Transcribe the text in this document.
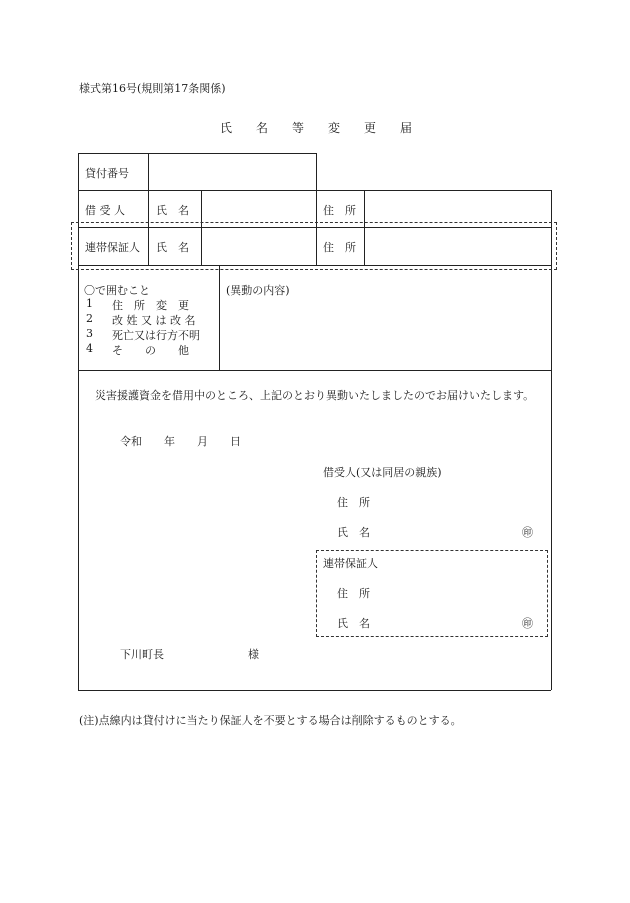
様式第16号(規則第17条関係)
氏　　名　　等　　変　　更　　届
貸付番号
借 受 人	氏　名	住　所
連帯保証人 氏　名	住　所
〇で囲むこと
1 住　所　変　更
2 改 姓 又 は 改 名
3 死亡又は行方不明
4 そ　　の　　他
(異動の内容)
災害援護資金を借用中のところ、上記のとおり異動いたしましたのでお届けいたします。
令和　　年　　月　　日
借受人(又は同居の親族)
住　所
氏　名	㊞
連帯保証人
住　所
氏　名	㊞
下川町長	様
(注)点線内は貸付けに当たり保証人を不要とする場合は削除するものとする。
